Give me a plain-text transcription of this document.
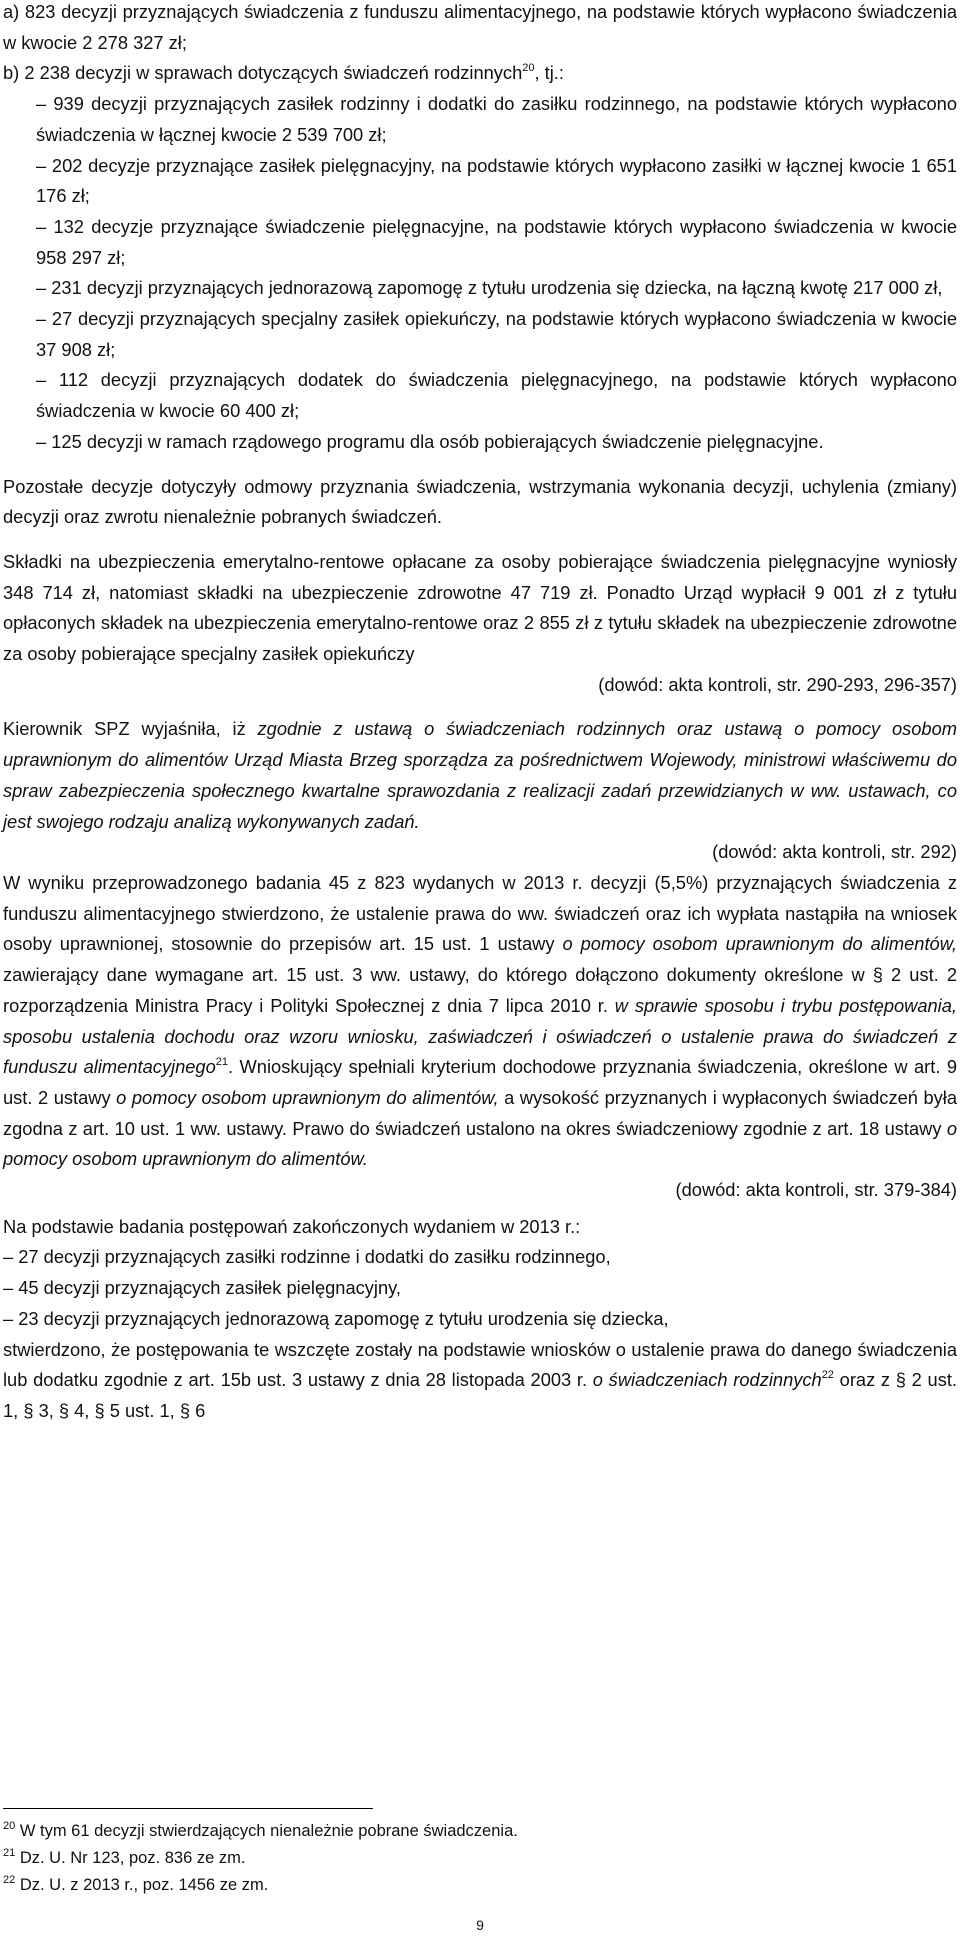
a) 823 decyzji przyznających świadczenia z funduszu alimentacyjnego, na podstawie których wypłacono świadczenia w kwocie 2 278 327 zł;

b) 2 238 decyzji w sprawach dotyczących świadczeń rodzinnych$^{20}$, tj.:

– 939 decyzji przyznających zasiłek rodzinny i dodatki do zasiłku rodzinnego, na podstawie których wypłacono świadczenia w łącznej kwocie 2 539 700 zł;

– 202 decyzje przyznające zasiłek pielęgnacyjny, na podstawie których wypłacono zasiłki w łącznej kwocie 1 651 176 zł;

– 132 decyzje przyznające świadczenie pielęgnacyjne, na podstawie których wypłacono świadczenia w kwocie 958 297 zł;

– 231 decyzji przyznających jednorazową zapomogę z tytułu urodzenia się dziecka, na łączną kwotę 217 000 zł,

– 27 decyzji przyznających specjalny zasiłek opiekuńczy, na podstawie których wypłacono świadczenia w kwocie 37 908 zł;

– 112 decyzji przyznających dodatek do świadczenia pielęgnacyjnego, na podstawie których wypłacono świadczenia w kwocie 60 400 zł;

– 125 decyzji w ramach rządowego programu dla osób pobierających świadczenie pielęgnacyjne.

Pozostałe decyzje dotyczyły odmowy przyznania świadczenia, wstrzymania wykonania decyzji, uchylenia (zmiany) decyzji oraz zwrotu nienależnie pobranych świadczeń.

Składki na ubezpieczenia emerytalno-rentowe opłacane za osoby pobierające świadczenia pielęgnacyjne wyniosły 348 714 zł, natomiast składki na ubezpieczenie zdrowotne 47 719 zł. Ponadto Urząd wypłacił 9 001 zł z tytułu opłaconych składek na ubezpieczenia emerytalno-rentowe oraz 2 855 zł z tytułu składek na ubezpieczenie zdrowotne za osoby pobierające specjalny zasiłek opiekuńczy

(dowód: akta kontroli, str. 290-293, 296-357)

Kierownik SPZ wyjaśniła, iż zgodnie z ustawą o świadczeniach rodzinnych oraz ustawą o pomocy osobom uprawnionym do alimentów Urząd Miasta Brzeg sporządza za pośrednictwem Wojewody, ministrowi właściwemu do spraw zabezpieczenia społecznego kwartalne sprawozdania z realizacji zadań przewidzianych w ww. ustawach, co jest swojego rodzaju analizą wykonywanych zadań.

(dowód: akta kontroli, str. 292)

W wyniku przeprowadzonego badania 45 z 823 wydanych w 2013 r. decyzji (5,5%) przyznających świadczenia z funduszu alimentacyjnego stwierdzono, że ustalenie prawa do ww. świadczeń oraz ich wypłata nastąpiła na wniosek osoby uprawnionej, stosownie do przepisów art. 15 ust. 1 ustawy o pomocy osobom uprawnionym do alimentów, zawierający dane wymagane art. 15 ust. 3 ww. ustawy, do którego dołączono dokumenty określone w § 2 ust. 2 rozporządzenia Ministra Pracy i Polityki Społecznej z dnia 7 lipca 2010 r. w sprawie sposobu i trybu postępowania, sposobu ustalenia dochodu oraz wzoru wniosku, zaświadczeń i oświadczeń o ustalenie prawa do świadczeń z funduszu alimentacyjnego$^{21}$. Wnioskujący spełniali kryterium dochodowe przyznania świadczenia, określone w art. 9 ust. 2 ustawy o pomocy osobom uprawnionym do alimentów, a wysokość przyznanych i wypłaconych świadczeń była zgodna z art. 10 ust. 1 ww. ustawy. Prawo do świadczeń ustalono na okres świadczeniowy zgodnie z art. 18 ustawy o pomocy osobom uprawnionym do alimentów.

(dowód: akta kontroli, str. 379-384)

Na podstawie badania postępowań zakończonych wydaniem w 2013 r.:

– 27 decyzji przyznających zasiłki rodzinne i dodatki do zasiłku rodzinnego,

– 45 decyzji przyznających zasiłek pielęgnacyjny,

– 23 decyzji przyznających jednorazową zapomogę z tytułu urodzenia się dziecka,

stwierdzono, że postępowania te wszczęte zostały na podstawie wniosków o ustalenie prawa do danego świadczenia lub dodatku zgodnie z art. 15b ust. 3 ustawy z dnia 28 listopada 2003 r. o świadczeniach rodzinnych$^{22}$ oraz z § 2 ust. 1, § 3, § 4, § 5 ust. 1, § 6

$^{20}$ W tym 61 decyzji stwierdzających nienależnie pobrane świadczenia.
$^{21}$ Dz. U. Nr 123, poz. 836 ze zm.
$^{22}$ Dz. U. z 2013 r., poz. 1456 ze zm.
9
